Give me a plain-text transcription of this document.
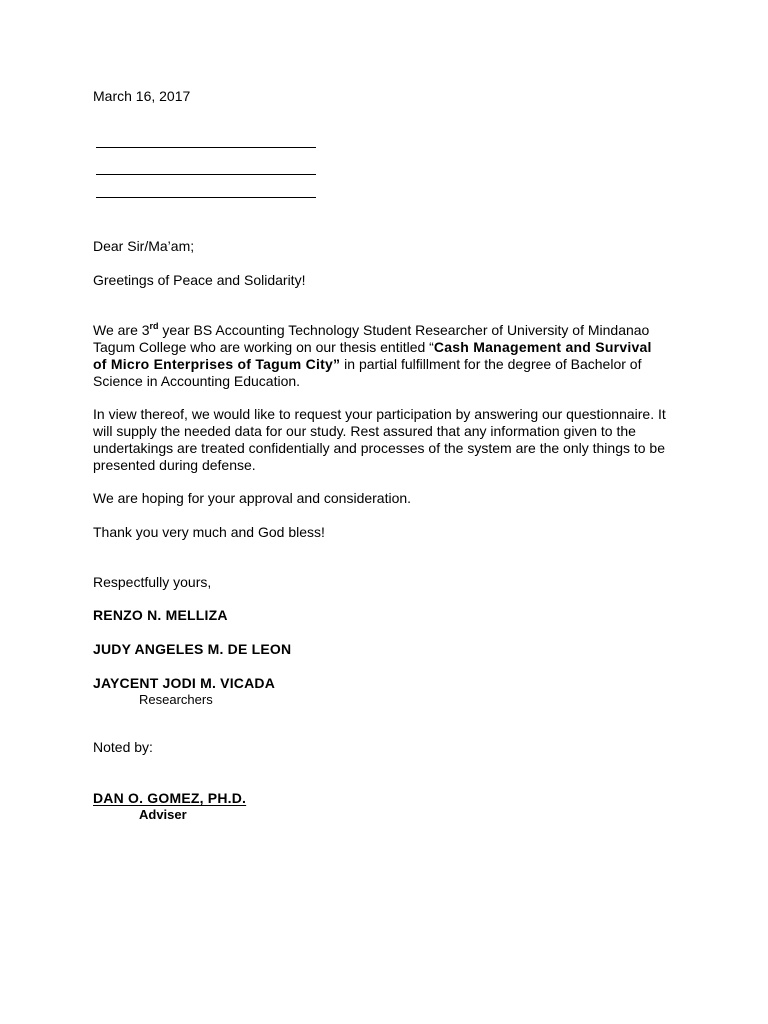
March 16, 2017
Dear Sir/Ma’am;
Greetings of Peace and Solidarity!
We are 3rd year BS Accounting Technology Student Researcher of University of Mindanao Tagum College who are working on our thesis entitled “Cash Management and Survival of Micro Enterprises of Tagum City” in partial fulfillment for the degree of Bachelor of Science in Accounting Education.
In view thereof, we would like to request your participation by answering our questionnaire. It will supply the needed data for our study. Rest assured that any information given to the undertakings are treated confidentially and processes of the system are the only things to be presented during defense.
We are hoping for your approval and consideration.
Thank you very much and God bless!
Respectfully yours,
RENZO N. MELLIZA
JUDY ANGELES M. DE LEON
JAYCENT JODI M. VICADA
Researchers
Noted by:
DAN O. GOMEZ, PH.D.
Adviser
